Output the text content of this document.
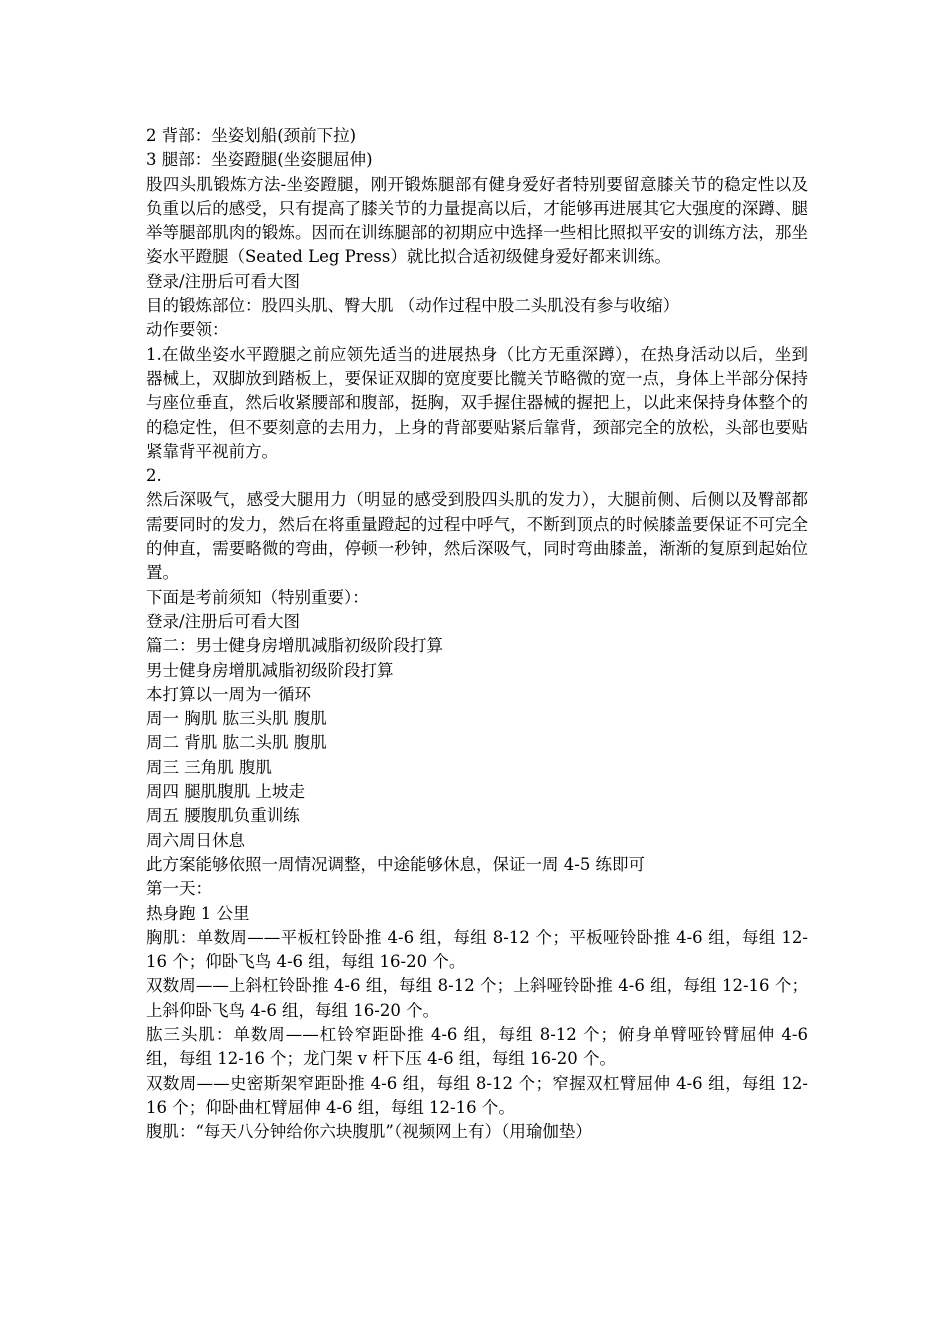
2 背部：坐姿划船(颈前下拉)
3 腿部：坐姿蹬腿(坐姿腿屈伸)
股四头肌锻炼方法-坐姿蹬腿，刚开锻炼腿部有健身爱好者特别要留意膝关节的稳定性以及负重以后的感受，只有提高了膝关节的力量提高以后，才能够再进展其它大强度的深蹲、腿举等腿部肌肉的锻炼。因而在训练腿部的初期应中选择一些相比照拟平安的训练方法，那坐姿水平蹬腿（Seated Leg Press）就比拟合适初级健身爱好都来训练。
登录/注册后可看大图
目的锻炼部位：股四头肌、臀大肌 （动作过程中股二头肌没有参与收缩）
动作要领：
1.在做坐姿水平蹬腿之前应领先适当的进展热身（比方无重深蹲），在热身活动以后，坐到器械上，双脚放到踏板上，要保证双脚的宽度要比髋关节略微的宽一点，身体上半部分保持与座位垂直，然后收紧腰部和腹部，挺胸，双手握住器械的握把上，以此来保持身体整个的的稳定性，但不要刻意的去用力，上身的背部要贴紧后靠背，颈部完全的放松，头部也要贴紧靠背平视前方。
2.
然后深吸气，感受大腿用力（明显的感受到股四头肌的发力），大腿前侧、后侧以及臀部都需要同时的发力，然后在将重量蹬起的过程中呼气，不断到顶点的时候膝盖要保证不可完全的伸直，需要略微的弯曲，停顿一秒钟，然后深吸气，同时弯曲膝盖，渐渐的复原到起始位置。
下面是考前须知（特别重要）：
登录/注册后可看大图
篇二：男士健身房增肌减脂初级阶段打算
男士健身房增肌减脂初级阶段打算
本打算以一周为一循环
周一 胸肌 肱三头肌 腹肌
周二 背肌 肱二头肌 腹肌
周三 三角肌 腹肌
周四 腿肌腹肌 上坡走
周五 腰腹肌负重训练
周六周日休息
此方案能够依照一周情况调整，中途能够休息，保证一周 4-5 练即可
第一天：
热身跑 1 公里
胸肌：单数周——平板杠铃卧推 4-6 组，每组 8-12 个；平板哑铃卧推 4-6 组，每组 12-16 个；仰卧飞鸟 4-6 组，每组 16-20 个。
双数周——上斜杠铃卧推 4-6 组，每组 8-12 个；上斜哑铃卧推 4-6 组，每组 12-16 个；上斜仰卧飞鸟 4-6 组，每组 16-20 个。
肱三头肌：单数周——杠铃窄距卧推 4-6 组，每组 8-12 个；俯身单臂哑铃臂屈伸 4-6 组，每组 12-16 个；龙门架 v 杆下压 4-6 组，每组 16-20 个。
双数周——史密斯架窄距卧推 4-6 组，每组 8-12 个；窄握双杠臂屈伸 4-6 组，每组 12-16 个；仰卧曲杠臂屈伸 4-6 组，每组 12-16 个。
腹肌：“每天八分钟给你六块腹肌”（视频网上有）（用瑜伽垫）
